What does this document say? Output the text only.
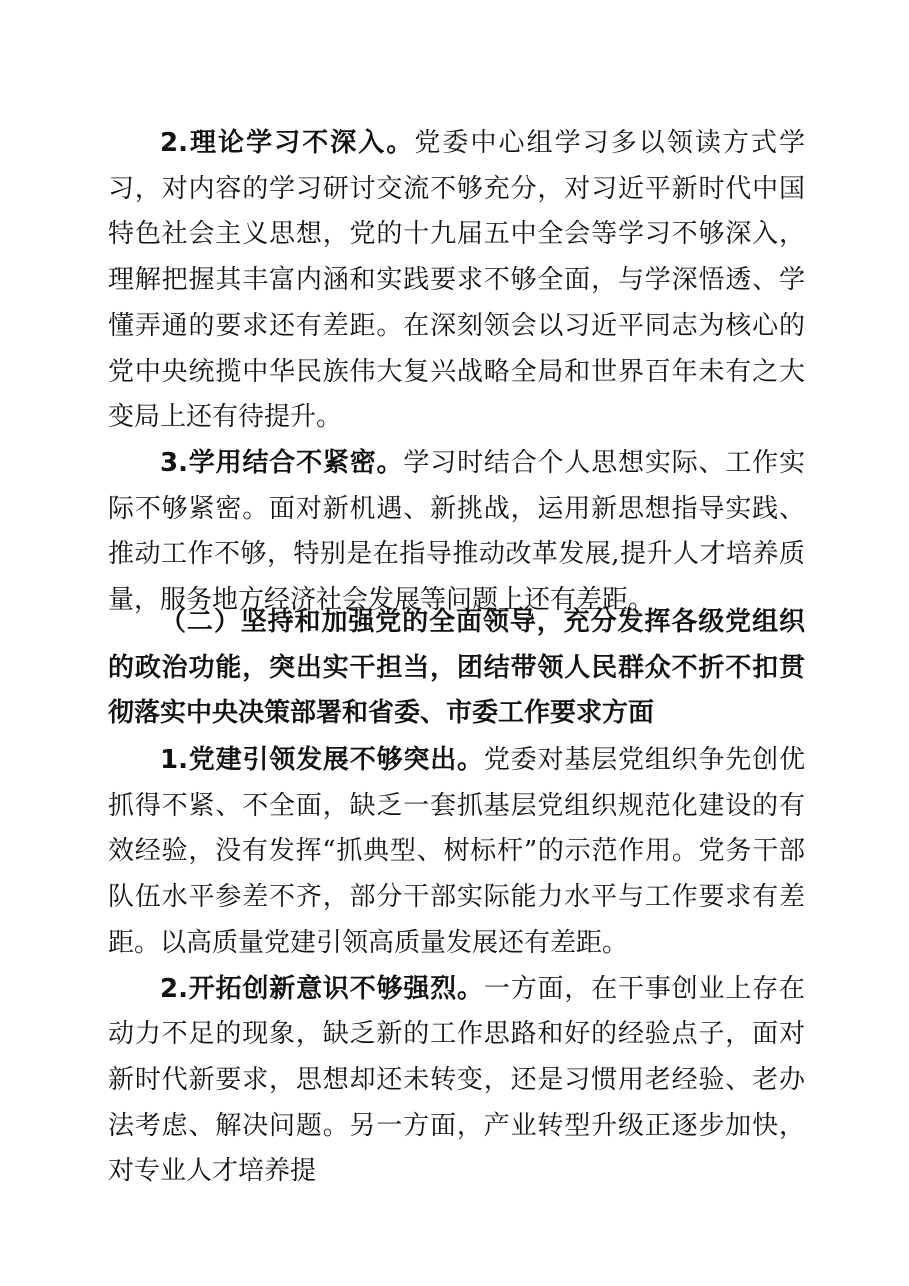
2.理论学习不深入。党委中心组学习多以领读方式学习，对内容的学习研讨交流不够充分，对习近平新时代中国特色社会主义思想，党的十九届五中全会等学习不够深入，理解把握其丰富内涵和实践要求不够全面，与学深悟透、学懂弄通的要求还有差距。在深刻领会以习近平同志为核心的党中央统揽中华民族伟大复兴战略全局和世界百年未有之大变局上还有待提升。

3.学用结合不紧密。学习时结合个人思想实际、工作实际不够紧密。面对新机遇、新挑战，运用新思想指导实践、推动工作不够，特别是在指导推动改革发展,提升人才培养质量，服务地方经济社会发展等问题上还有差距。

（二）坚持和加强党的全面领导，充分发挥各级党组织的政治功能，突出实干担当，团结带领人民群众不折不扣贯彻落实中央决策部署和省委、市委工作要求方面

1.党建引领发展不够突出。党委对基层党组织争先创优抓得不紧、不全面，缺乏一套抓基层党组织规范化建设的有效经验，没有发挥“抓典型、树标杆”的示范作用。党务干部队伍水平参差不齐，部分干部实际能力水平与工作要求有差距。以高质量党建引领高质量发展还有差距。

2.开拓创新意识不够强烈。一方面，在干事创业上存在动力不足的现象，缺乏新的工作思路和好的经验点子，面对新时代新要求，思想却还未转变，还是习惯用老经验、老办法考虑、解决问题。另一方面，产业转型升级正逐步加快，对专业人才培养提
